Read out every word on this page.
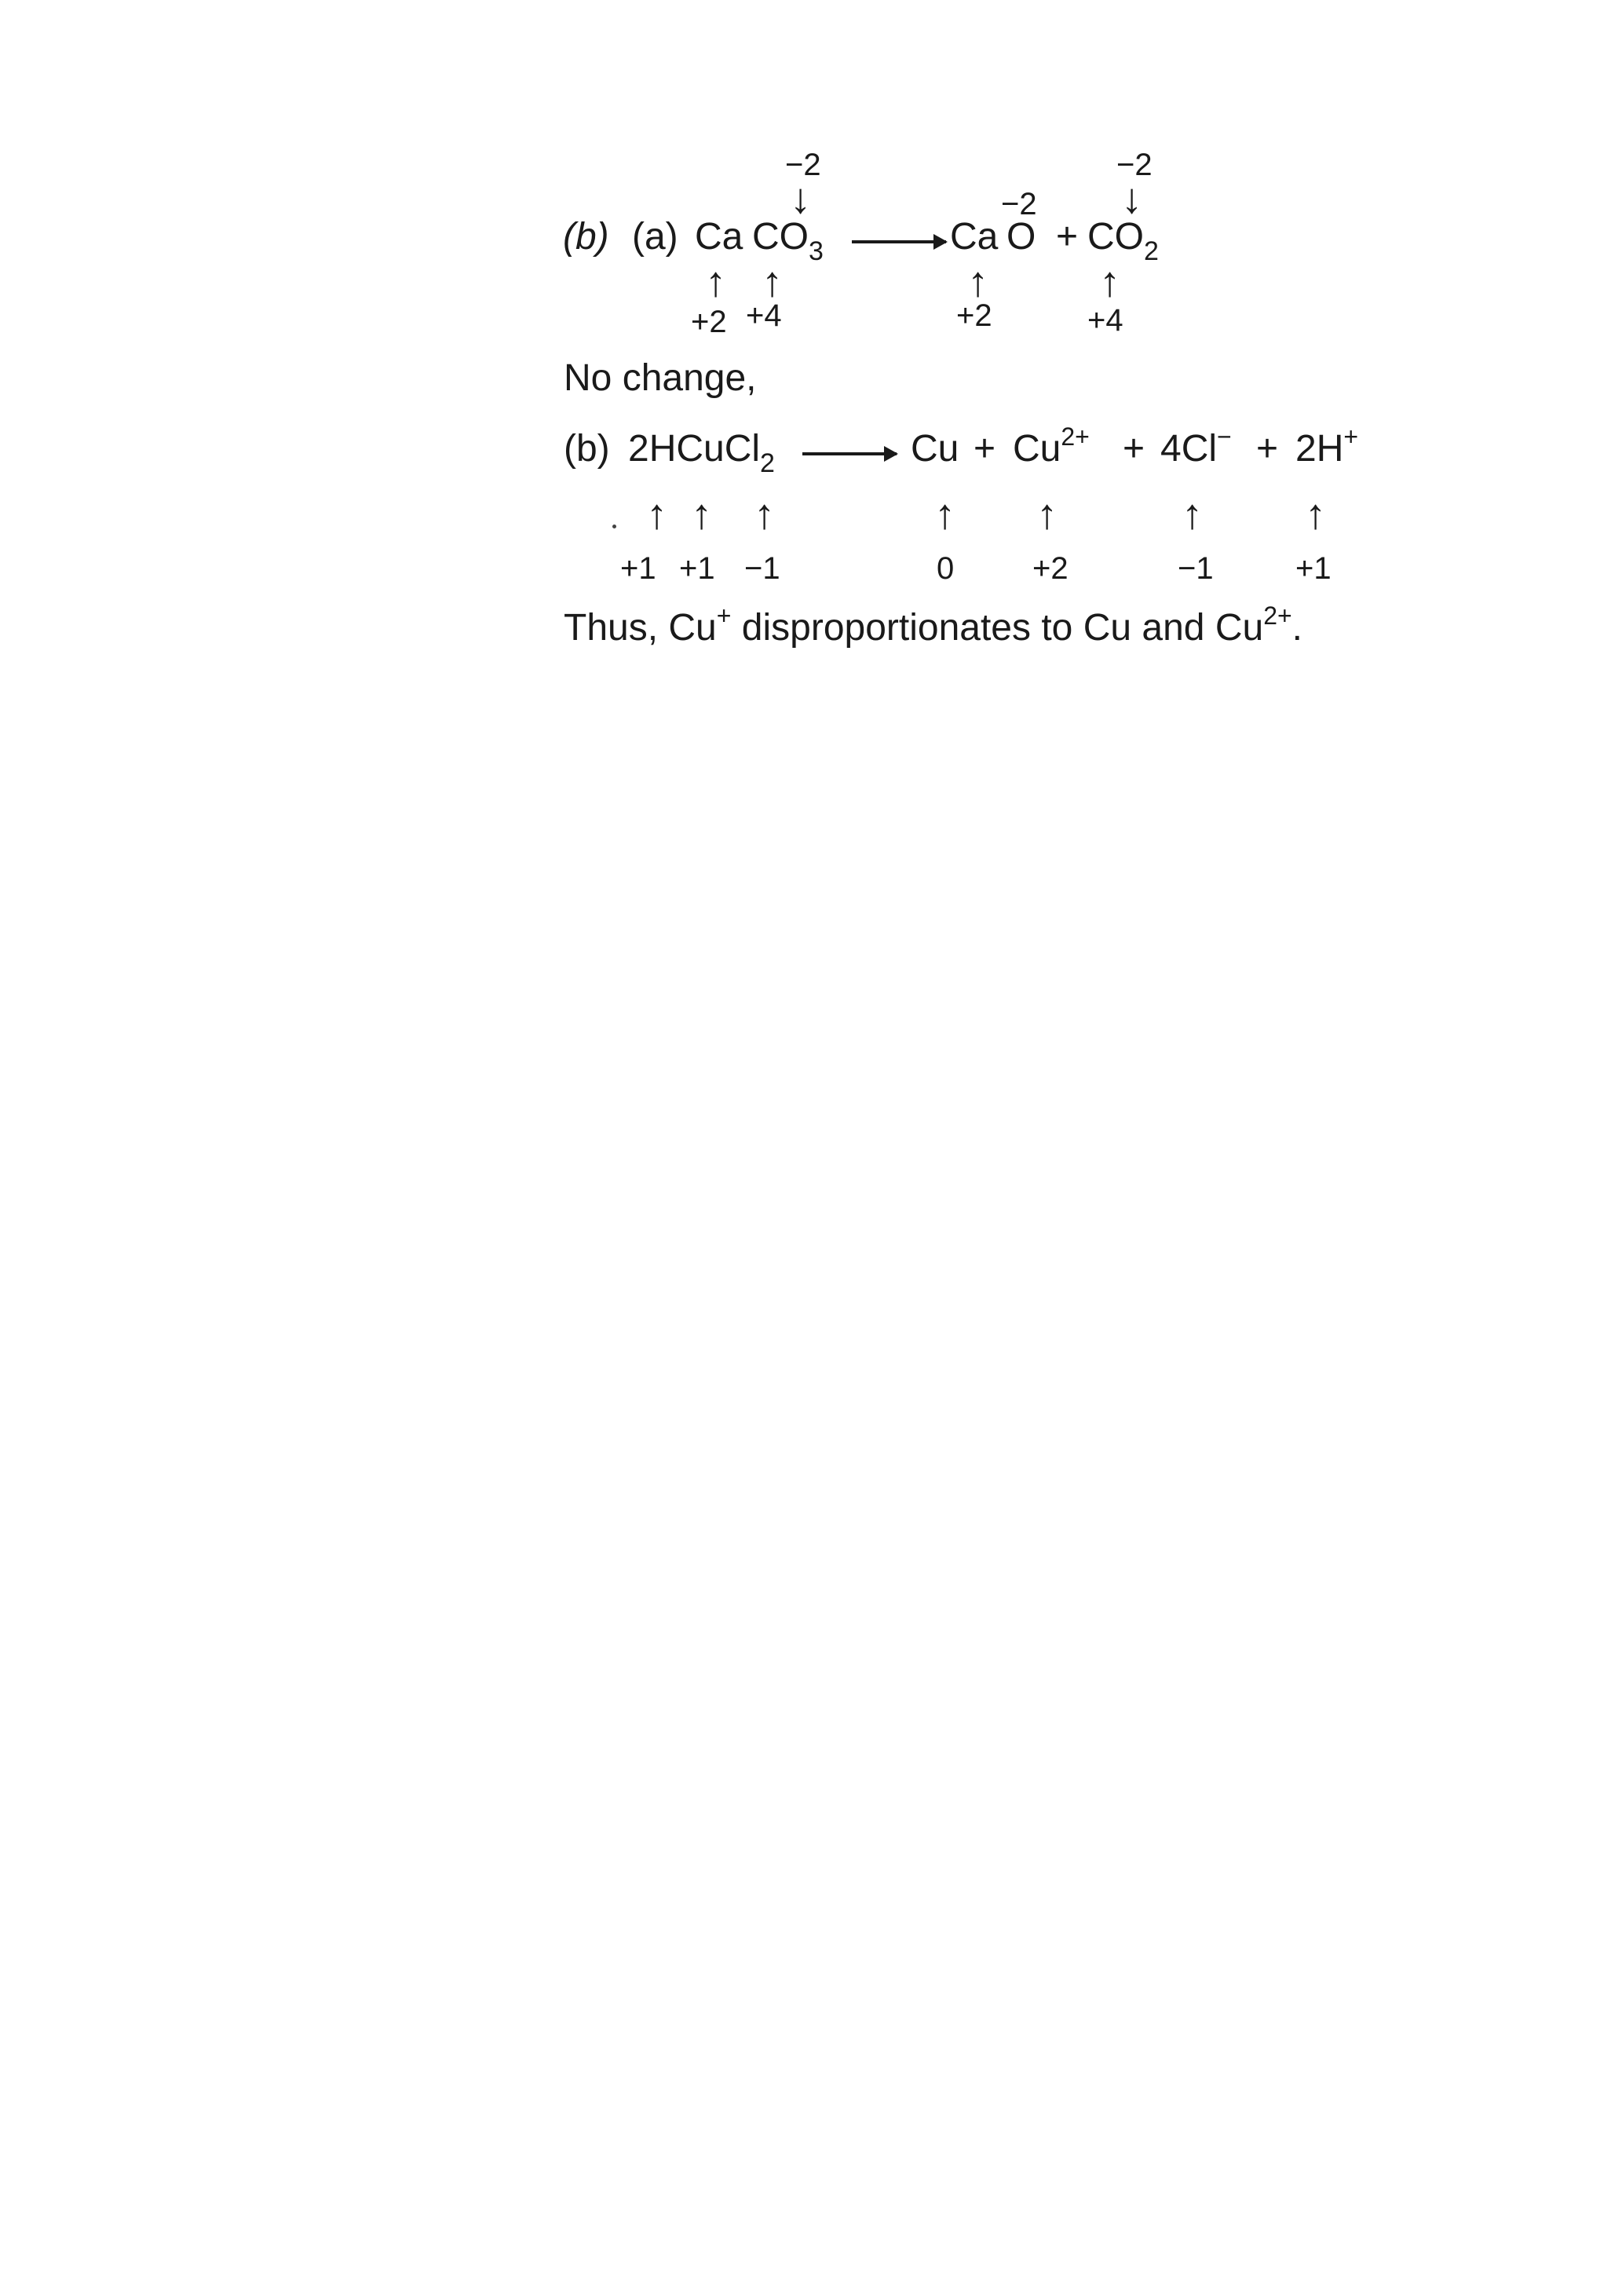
−2
↓	−2
−2
↓
(b) (a) Ca $CO_3$	Ca $O + CO_2$
↑ ↑	↑	↑
+2 +4	+2	+4
No change,
(b) 2HCuCl$_2$	$Cu + Cu^{2+} + 4Cl^- + 2H^+$
↑ ↑ ↑	↑ ↑	↑ ↑
+1 +1 −1	0 +2	−1	+1
Thus, Cu+ disproportionates to Cu and $Cu^{2+}$.
